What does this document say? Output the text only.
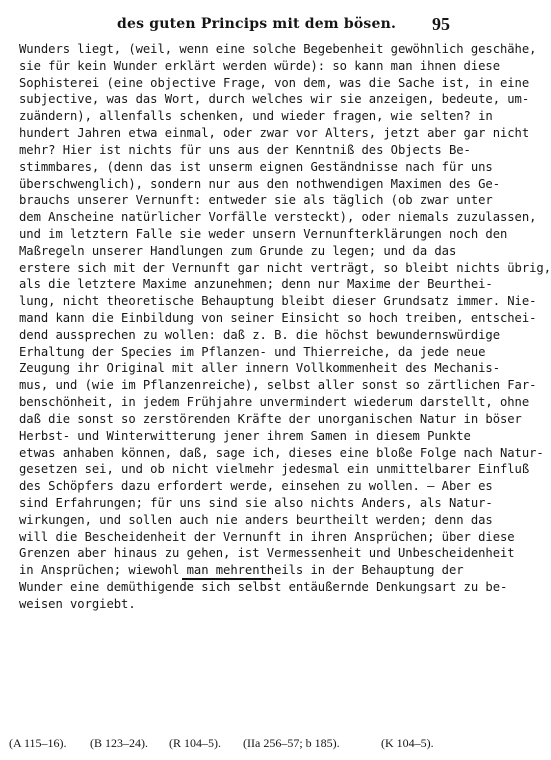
des guten Princips mit dem bösen. 95
Wunders liegt, (weil, wenn eine solche Begebenheit gewöhnlich geschähe,
sie für kein Wunder erklärt werden würde): so kann man ihnen diese
Sophisterei (eine objective Frage, von dem, was die Sache ist, in eine
subjective, was das Wort, durch welches wir sie anzeigen, bedeute, um-
zuändern), allenfalls schenken, und wieder fragen, wie selten? in
hundert Jahren etwa einmal, oder zwar vor Alters, jetzt aber gar nicht
mehr? Hier ist nichts für uns aus der Kenntniß des Objects Be-
stimmbares, (denn das ist unserm eignen Geständnisse nach für uns
überschwenglich), sondern nur aus den nothwendigen Maximen des Ge-
brauchs unserer Vernunft: entweder sie als täglich (ob zwar unter
dem Anscheine natürlicher Vorfälle versteckt), oder niemals zuzulassen,
und im letztern Falle sie weder unsern Vernunfterklärungen noch den
Maßregeln unserer Handlungen zum Grunde zu legen; und da das
erstere sich mit der Vernunft gar nicht verträgt, so bleibt nichts übrig,
als die letztere Maxime anzunehmen; denn nur Maxime der Beurthei-
lung, nicht theoretische Behauptung bleibt dieser Grundsatz immer. Nie-
mand kann die Einbildung von seiner Einsicht so hoch treiben, entschei-
dend aussprechen zu wollen: daß z. B. die höchst bewundernswürdige
Erhaltung der Species im Pflanzen- und Thierreiche, da jede neue
Zeugung ihr Original mit aller innern Vollkommenheit des Mechanis-
mus, und (wie im Pflanzenreiche), selbst aller sonst so zärtlichen Far-
benschönheit, in jedem Frühjahre unvermindert wiederum darstellt, ohne
daß die sonst so zerstörenden Kräfte der unorganischen Natur in böser
Herbst- und Winterwitterung jener ihrem Samen in diesem Punkte
etwas anhaben können, daß, sage ich, dieses eine bloße Folge nach Natur-
gesetzen sei, und ob nicht vielmehr jedesmal ein unmittelbarer Einfluß
des Schöpfers dazu erfordert werde, einsehen zu wollen. — Aber es
sind Erfahrungen; für uns sind sie also nichts Anders, als Natur-
wirkungen, und sollen auch nie anders beurtheilt werden; denn das
will die Bescheidenheit der Vernunft in ihren Ansprüchen; über diese
Grenzen aber hinaus zu gehen, ist Vermessenheit und Unbescheidenheit
in Ansprüchen; wiewohl man mehrentheils in der Behauptung der
Wunder eine demüthigende sich selbst entäußernde Denkungsart zu be-
weisen vorgiebt.
(A 115–16). (B 123–24). (R 104–5). (IIa 256–57; b 185).	(K 104–5).
